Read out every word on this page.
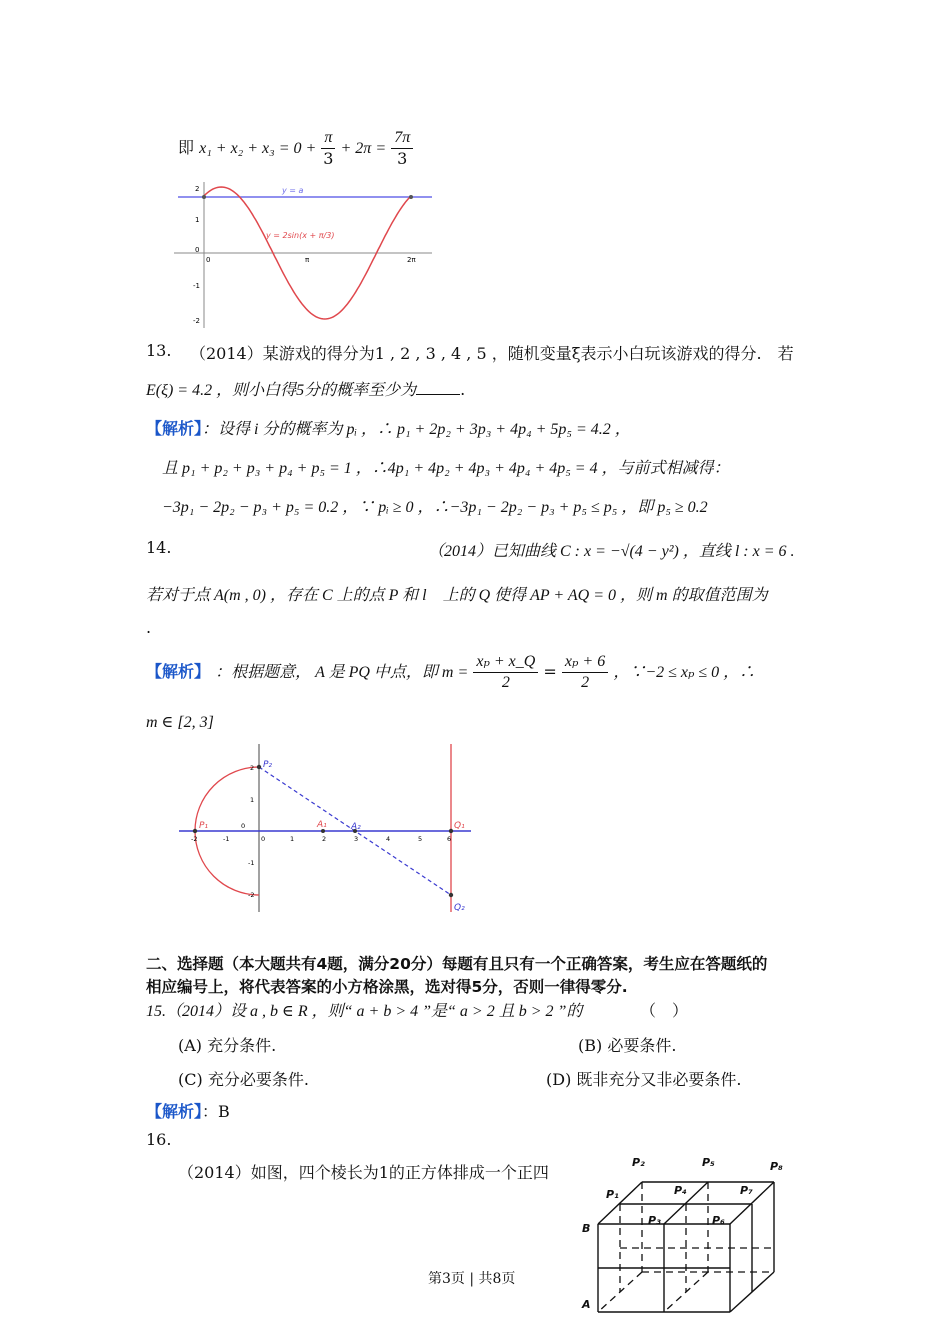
即 $x_1 + x_2 + x_3 = 0 + \frac{\pi}{3} + 2\pi = \frac{7\pi}{3}$
2
1
0
-1
-2
0	π	2π
y = a
y = 2sin(x + π/3)
13. （2014）某游戏的得分为1 , 2 , 3 , 4 , 5 ，随机变量ξ表示小白玩该游戏的得分.　若
E(ξ) = 4.2 ，则小白得5分的概率至少为	.
【解析】：设得 i 分的概率为 pᵢ ，∴ p₁ + 2p₂ + 3p₃ + 4p₄ + 5p₅ = 4.2 ，
且 p₁ + p₂ + p₃ + p₄ + p₅ = 1 ，∴4p₁ + 4p₂ + 4p₃ + 4p₄ + 4p₅ = 4 ，与前式相减得：
−3p₁ − 2p₂ − p₃ + p₅ = 0.2 ，∵ pᵢ ≥ 0 ，∴−3p₁ − 2p₂ − p₃ + p₅ ≤ p₅ ，即 p₅ ≥ 0.2
14.	（2014）已知曲线 C : x = −√(4 − y²) ，直线 l : x = 6 .
若对于点 A(m , 0) ，存在 C 上的点 P 和 l　上的 Q 使得 AP + AQ = 0 ，则 m 的取值范围为
.
【解析】 ：根据题意， A 是 PQ 中点，即 $m = \frac{\text{xₚ + x\_Q}}{2} = \frac{\text{xₚ + 6}}{2}$ ，∵−2 ≤ xₚ ≤ 0 ，∴
m ∈ [2, 3]
P₂
P₁	A₁	A₂	Q₁
Q₂
-2	-1	0	1	2	3	4	5	6
2
1
-1
-2
0
二、选择题（本大题共有4题，满分20分）每题有且只有一个正确答案，考生应在答题纸的
相应编号上，将代表答案的小方格涂黑，选对得5分，否则一律得零分.
15.（2014）设 a , b ∈ R ，则“ a + b > 4 ”是“ a > 2 且 b > 2 ”的	（　）
(A) 充分条件.	(B) 必要条件.
(C) 充分必要条件.	(D) 既非充分又非必要条件.
【解析】：B
16.
（2014）如图，四个棱长为1的正方体排成一个正四
P₂	P₅	P₈
P₁	P₄	P₇
P₃	P₆
B
A
第3页 | 共8页
